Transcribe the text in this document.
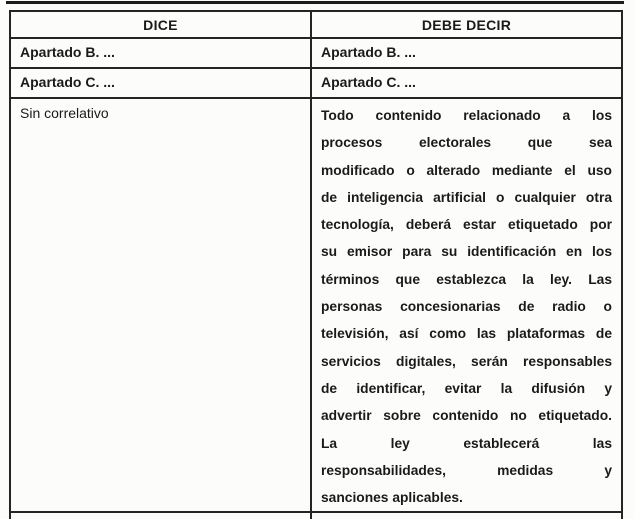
DICE	DEBE DECIR
Apartado B. ...	Apartado B. ...
Apartado C. ...	Apartado C. ...
Sin correlativo	Todo contenido relacionado a los
procesos electorales que sea
modificado o alterado mediante el uso
de inteligencia artificial o cualquier otra
tecnología, deberá estar etiquetado por
su emisor para su identificación en los
términos que establezca la ley. Las
personas concesionarias de radio o
televisión, así como las plataformas de
servicios digitales, serán responsables
de identificar, evitar la difusión y
advertir sobre contenido no etiquetado.
La ley establecerá las
responsabilidades, medidas y
sanciones aplicables.
